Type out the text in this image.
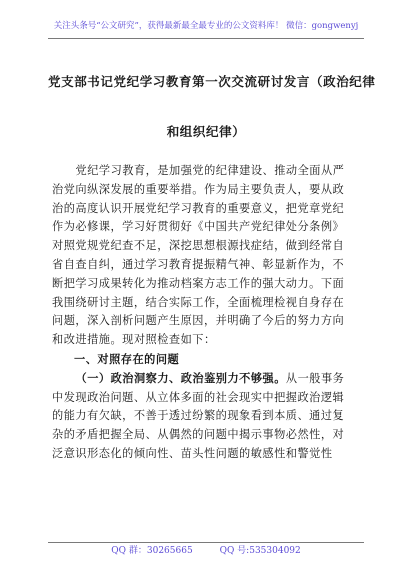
关注头条号“公文研究”，获得最新最全最专业的公文资料库！ 微信：gongwenyj
党支部书记党纪学习教育第一次交流研讨发言（政治纪律
和组织纪律）

党纪学习教育，是加强党的纪律建设、推动全面从严

治党向纵深发展的重要举措。作为局主要负责人，要从政

治的高度认识开展党纪学习教育的重要意义，把党章党纪

作为必修课，学习好贯彻好《中国共产党纪律处分条例》

对照党规党纪查不足，深挖思想根源找症结，做到经常自

省自查自纠，通过学习教育提振精气神、彰显新作为，不

断把学习成果转化为推动档案方志工作的强大动力。下面

我围绕研讨主题，结合实际工作，全面梳理检视自身存在

问题，深入剖析问题产生原因，并明确了今后的努力方向

和改进措施。现对照检查如下：

一、对照存在的问题

（一）政治洞察力、政治鉴别力不够强。从一般事务

中发现政治问题、从立体多面的社会现实中把握政治逻辑

的能力有欠缺，不善于透过纷繁的现象看到本质、通过复

杂的矛盾把握全局、从偶然的问题中揭示事物必然性，对

泛意识形态化的倾向性、苗头性问题的敏感性和警觉性

QQ 群：30265665	QQ 号:535304092
